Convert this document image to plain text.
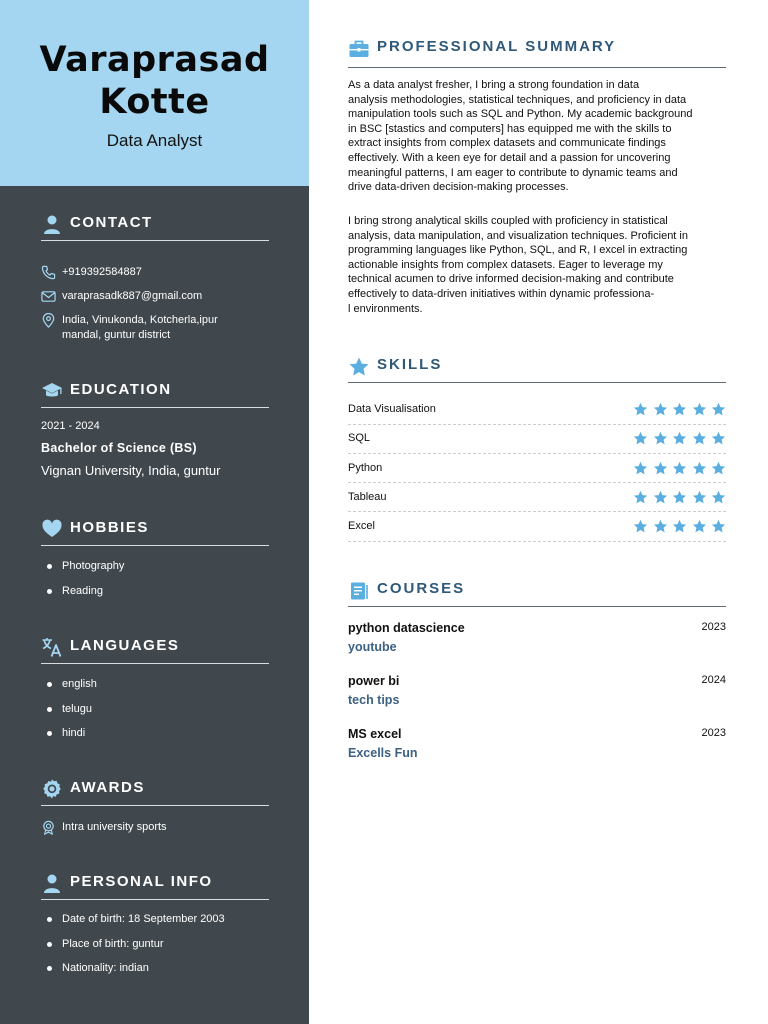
Varaprasad
Kotte
Data Analyst
CONTACT
+919392584887
varaprasadk887@gmail.com
India, Vinukonda, Kotcherla,ipur
mandal, guntur district
EDUCATION
2021 - 2024
Bachelor of Science (BS)
Vignan University, India, guntur
HOBBIES
Photography
Reading
LANGUAGES
english
telugu
hindi
AWARDS
Intra university sports
PERSONAL INFO
Date of birth: 18 September 2003
Place of birth: guntur
Nationality: indian
PROFESSIONAL SUMMARY
As a data analyst fresher, I bring a strong foundation in data
analysis methodologies, statistical techniques, and proficiency in data
manipulation tools such as SQL and Python. My academic background
in BSC [stastics and computers] has equipped me with the skills to
extract insights from complex datasets and communicate findings
effectively. With a keen eye for detail and a passion for uncovering
meaningful patterns, I am eager to contribute to dynamic teams and
drive data-driven decision-making processes.
I bring strong analytical skills coupled with proficiency in statistical
analysis, data manipulation, and visualization techniques. Proficient in
programming languages like Python, SQL, and R, I excel in extracting
actionable insights from complex datasets. Eager to leverage my
technical acumen to drive informed decision-making and contribute
effectively to data-driven initiatives within dynamic professiona-
l environments.
SKILLS
Data Visualisation
SQL
Python
Tableau
Excel
COURSES
python datascience	2023
youtube
power bi	2024
tech tips
MS excel	2023
Excells Fun
